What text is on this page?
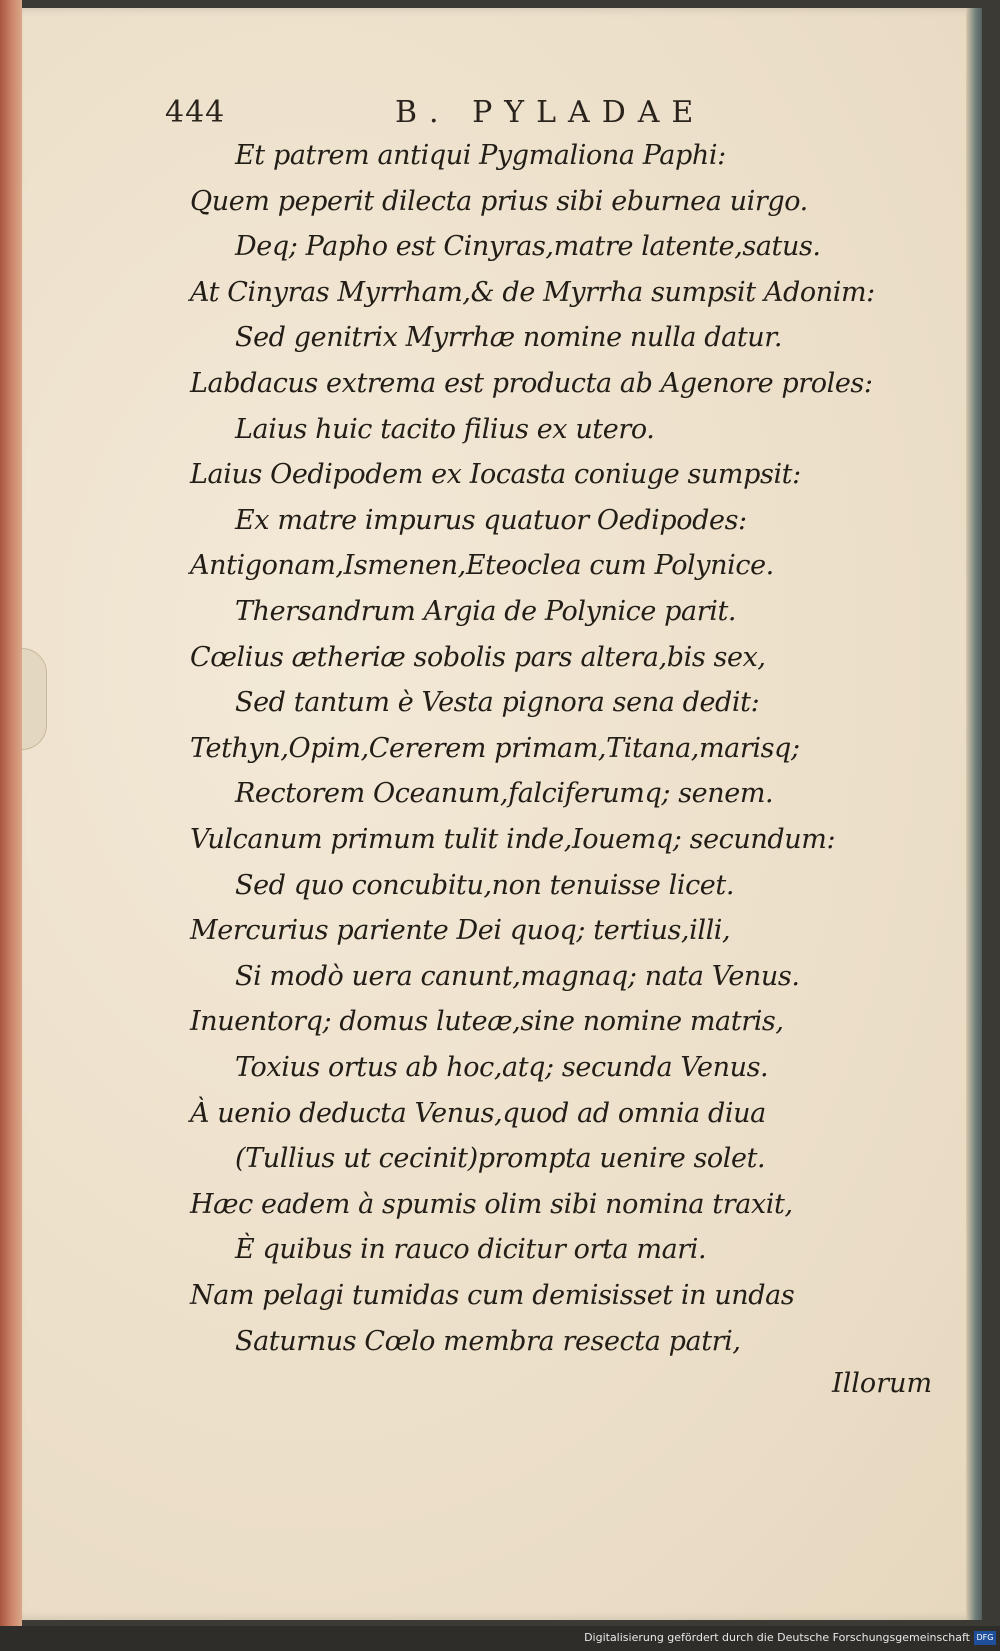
444	B. PYLADAE
Et patrem antiqui Pygmaliona Paphi:
Quem peperit dilecta prius sibi eburnea uirgo.
Deq; Papho est Cinyras,matre latente,satus.
At Cinyras Myrrham,& de Myrrha sumpsit Adonim:
Sed genitrix Myrrhæ nomine nulla datur.
Labdacus extrema est producta ab Agenore proles:
Laius huic tacito filius ex utero.
Laius Oedipodem ex Iocasta coniuge sumpsit:
Ex matre impurus quatuor Oedipodes:
Antigonam,Ismenen,Eteoclea cum Polynice.
Thersandrum Argia de Polynice parit.
Cœlius ætheriæ sobolis pars altera,bis sex,
Sed tantum è Vesta pignora sena dedit:
Tethyn,Opim,Cererem primam,Titana,marisq;
Rectorem Oceanum,falciferumq; senem.
Vulcanum primum tulit inde,Iouemq; secundum:
Sed quo concubitu,non tenuisse licet.
Mercurius pariente Dei quoq; tertius,illi,
Si modò uera canunt,magnaq; nata Venus.
Inuentorq; domus luteæ,sine nomine matris,
Toxius ortus ab hoc,atq; secunda Venus.
À uenio deducta Venus,quod ad omnia diua
(Tullius ut cecinit)prompta uenire solet.
Hæc eadem à spumis olim sibi nomina traxit,
È quibus in rauco dicitur orta mari.
Nam pelagi tumidas cum demisisset in undas
Saturnus Cœlo membra resecta patri,
Illorum
Digitalisierung gefördert durch die Deutsche Forschungsgemeinschaft DFG
